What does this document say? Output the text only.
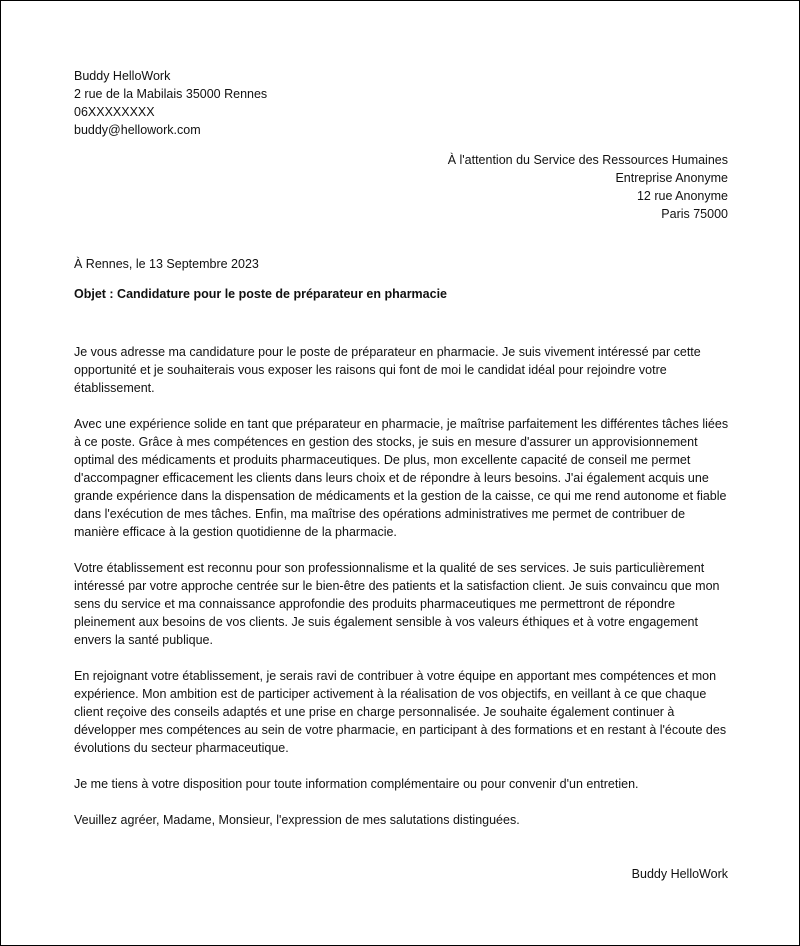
Buddy HelloWork
2 rue de la Mabilais 35000 Rennes
06XXXXXXXX
buddy@hellowork.com
À l'attention du Service des Ressources Humaines
Entreprise Anonyme
12 rue Anonyme
Paris 75000
À Rennes, le 13 Septembre 2023
Objet : Candidature pour le poste de préparateur en pharmacie

Je vous adresse ma candidature pour le poste de préparateur en pharmacie. Je suis vivement intéressé par cette opportunité et je souhaiterais vous exposer les raisons qui font de moi le candidat idéal pour rejoindre votre établissement.

Avec une expérience solide en tant que préparateur en pharmacie, je maîtrise parfaitement les différentes tâches liées à ce poste. Grâce à mes compétences en gestion des stocks, je suis en mesure d'assurer un approvisionnement optimal des médicaments et produits pharmaceutiques. De plus, mon excellente capacité de conseil me permet d'accompagner efficacement les clients dans leurs choix et de répondre à leurs besoins. J'ai également acquis une grande expérience dans la dispensation de médicaments et la gestion de la caisse, ce qui me rend autonome et fiable dans l'exécution de mes tâches. Enfin, ma maîtrise des opérations administratives me permet de contribuer de manière efficace à la gestion quotidienne de la pharmacie.

Votre établissement est reconnu pour son professionnalisme et la qualité de ses services. Je suis particulièrement intéressé par votre approche centrée sur le bien-être des patients et la satisfaction client. Je suis convaincu que mon sens du service et ma connaissance approfondie des produits pharmaceutiques me permettront de répondre pleinement aux besoins de vos clients. Je suis également sensible à vos valeurs éthiques et à votre engagement envers la santé publique.

En rejoignant votre établissement, je serais ravi de contribuer à votre équipe en apportant mes compétences et mon expérience. Mon ambition est de participer activement à la réalisation de vos objectifs, en veillant à ce que chaque client reçoive des conseils adaptés et une prise en charge personnalisée. Je souhaite également continuer à développer mes compétences au sein de votre pharmacie, en participant à des formations et en restant à l'écoute des évolutions du secteur pharmaceutique.

Je me tiens à votre disposition pour toute information complémentaire ou pour convenir d'un entretien.

Veuillez agréer, Madame, Monsieur, l'expression de mes salutations distinguées.

Buddy HelloWork
